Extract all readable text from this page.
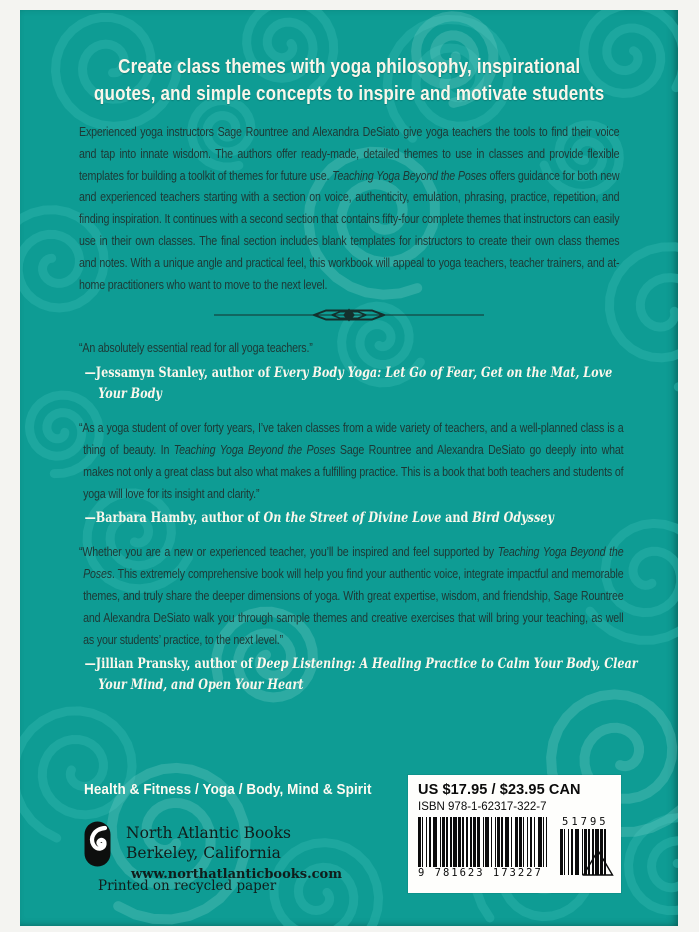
Create class themes with yoga philosophy, inspirational
quotes, and simple concepts to inspire and motivate students

Experienced yoga instructors Sage Rountree and Alexandra DeSiato give yoga teachers the tools to find their voice and tap into innate wisdom. The authors offer ready-made, detailed themes to use in classes and provide flexible templates for building a toolkit of themes for future use. Teaching Yoga Beyond the Poses offers guidance for both new and experienced teachers starting with a section on voice, authenticity, emulation, phrasing, practice, repetition, and finding inspiration. It continues with a second section that contains fifty-four complete themes that instructors can easily use in their own classes. The final section includes blank templates for instructors to create their own class themes and notes. With a unique angle and practical feel, this workbook will appeal to yoga teachers, teacher trainers, and at-home practitioners who want to move to the next level.

“An absolutely essential read for all yoga teachers.”

—Jessamyn Stanley, author of Every Body Yoga: Let Go of Fear, Get on the Mat, Love Your Body

“As a yoga student of over forty years, I’ve taken classes from a wide variety of teachers, and a well-planned class is a thing of beauty. In Teaching Yoga Beyond the Poses Sage Rountree and Alexandra DeSiato go deeply into what makes not only a great class but also what makes a fulfilling practice. This is a book that both teachers and students of yoga will love for its insight and clarity.”

—Barbara Hamby, author of On the Street of Divine Love and Bird Odyssey

“Whether you are a new or experienced teacher, you’ll be inspired and feel supported by Teaching Yoga Beyond the Poses. This extremely comprehensive book will help you find your authentic voice, integrate impactful and memorable themes, and truly share the deeper dimensions of yoga. With great expertise, wisdom, and friendship, Sage Rountree and Alexandra DeSiato walk you through sample themes and creative exercises that will bring your teaching, as well as your students’ practice, to the next level.”

—Jillian Pransky, author of Deep Listening: A Healing Practice to Calm Your Body, Clear Your Mind, and Open Your Heart

Health & Fitness / Yoga / Body, Mind & Spirit
North Atlantic Books
Berkeley, California
www.northatlanticbooks.com
Printed on recycled paper
US $17.95 / $23.95 CAN
ISBN 978-1-62317-322-7
9 781623 173227
51795
